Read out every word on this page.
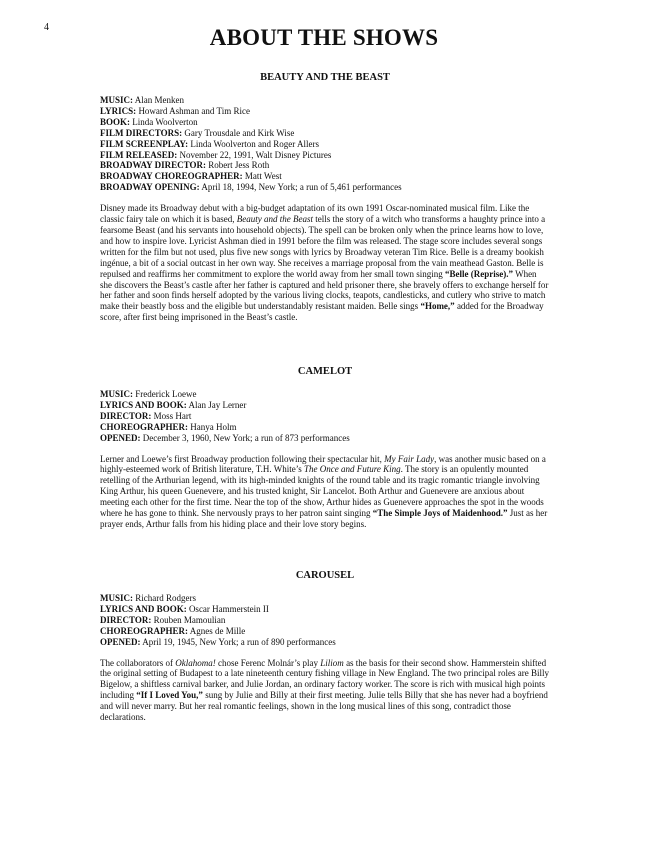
4	ABOUT THE SHOWS
BEAUTY AND THE BEAST
MUSIC: Alan Menken
LYRICS: Howard Ashman and Tim Rice
BOOK: Linda Woolverton
FILM DIRECTORS: Gary Trousdale and Kirk Wise
FILM SCREENPLAY: Linda Woolverton and Roger Allers
FILM RELEASED: November 22, 1991, Walt Disney Pictures
BROADWAY DIRECTOR: Robert Jess Roth
BROADWAY CHOREOGRAPHER: Matt West
BROADWAY OPENING: April 18, 1994, New York; a run of 5,461 performances

Disney made its Broadway debut with a big-budget adaptation of its own 1991 Oscar-nominated musical film. Like the classic fairy tale on which it is based, Beauty and the Beast tells the story of a witch who transforms a haughty prince into a fearsome Beast (and his servants into household objects). The spell can be broken only when the prince learns how to love, and how to inspire love. Lyricist Ashman died in 1991 before the film was released. The stage score includes several songs written for the film but not used, plus five new songs with lyrics by Broadway veteran Tim Rice. Belle is a dreamy bookish ingénue, a bit of a social outcast in her own way. She receives a marriage proposal from the vain meathead Gaston. Belle is repulsed and reaffirms her commitment to explore the world away from her small town singing “Belle (Reprise).” When she discovers the Beast’s castle after her father is captured and held prisoner there, she bravely offers to exchange herself for her father and soon finds herself adopted by the various living clocks, teapots, candlesticks, and cutlery who strive to match make their beastly boss and the eligible but understandably resistant maiden. Belle sings “Home,” added for the Broadway score, after first being imprisoned in the Beast’s castle.

CAMELOT
MUSIC: Frederick Loewe
LYRICS AND BOOK: Alan Jay Lerner
DIRECTOR: Moss Hart
CHOREOGRAPHER: Hanya Holm
OPENED: December 3, 1960, New York; a run of 873 performances

Lerner and Loewe’s first Broadway production following their spectacular hit, My Fair Lady, was another music based on a highly-esteemed work of British literature, T.H. White’s The Once and Future King. The story is an opulently mounted retelling of the Arthurian legend, with its high-minded knights of the round table and its tragic romantic triangle involving King Arthur, his queen Guenevere, and his trusted knight, Sir Lancelot. Both Arthur and Guenevere are anxious about meeting each other for the first time. Near the top of the show, Arthur hides as Guenevere approaches the spot in the woods where he has gone to think. She nervously prays to her patron saint singing “The Simple Joys of Maidenhood.” Just as her prayer ends, Arthur falls from his hiding place and their love story begins.

CAROUSEL
MUSIC: Richard Rodgers
LYRICS AND BOOK: Oscar Hammerstein II
DIRECTOR: Rouben Mamoulian
CHOREOGRAPHER: Agnes de Mille
OPENED: April 19, 1945, New York; a run of 890 performances

The collaborators of Oklahoma! chose Ferenc Molnár’s play Liliom as the basis for their second show. Hammerstein shifted the original setting of Budapest to a late nineteenth century fishing village in New England. The two principal roles are Billy Bigelow, a shiftless carnival barker, and Julie Jordan, an ordinary factory worker. The score is rich with musical high points including “If I Loved You,” sung by Julie and Billy at their first meeting. Julie tells Billy that she has never had a boyfriend and will never marry. But her real romantic feelings, shown in the long musical lines of this song, contradict those declarations.
